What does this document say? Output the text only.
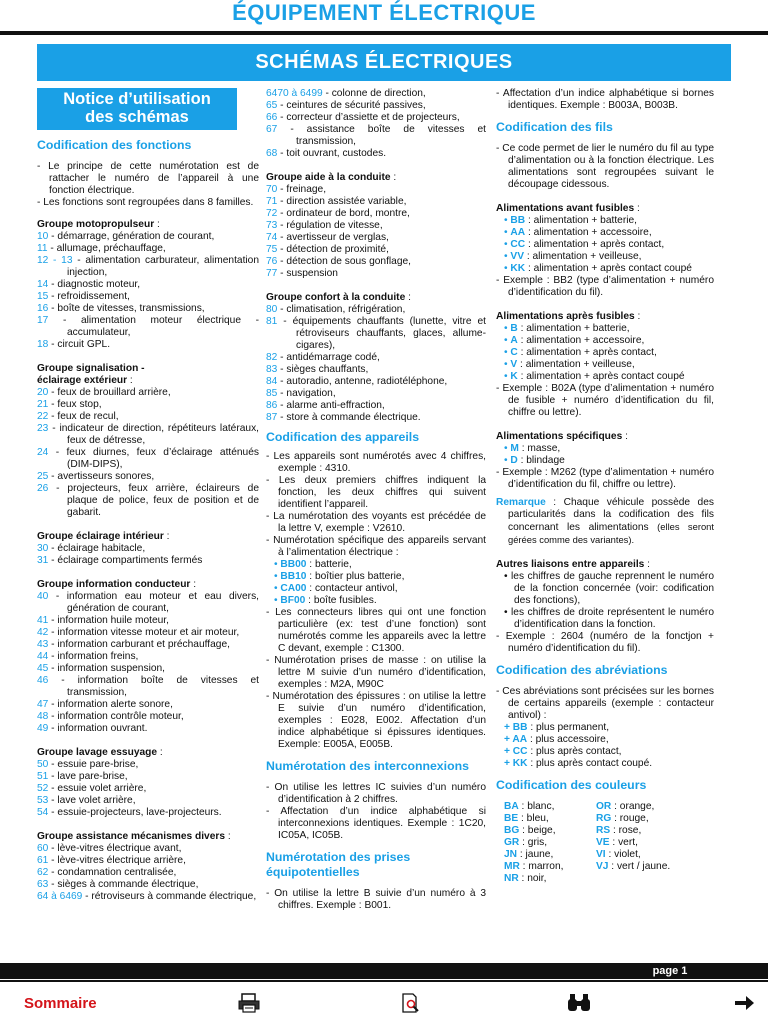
ÉQUIPEMENT ÉLECTRIQUE
SCHÉMAS ÉLECTRIQUES
Notice d’utilisation
des schémas
Codification des fonctions
- Le principe de cette numérotation est de rattacher le numéro de l’appareil à une fonction électrique.
- Les fonctions sont regroupées dans 8 familles.
Groupe motopropulseur :
10 - démarrage, génération de courant,
11 - allumage, préchauffage,
12 - 13 - alimentation carburateur, alimentation injection,
14 - diagnostic moteur,
15 - refroidissement,
16 - boîte de vitesses, transmissions,
17 - alimentation moteur électrique - accumulateur,
18 - circuit GPL.
Groupe signalisation -
éclairage extérieur :
20 - feux de brouillard arrière,
21 - feux stop,
22 - feux de recul,
23 - indicateur de direction, répétiteurs latéraux, feux de détresse,
24 - feux diurnes, feux d’éclairage atténués (DIM-DIPS),
25 - avertisseurs sonores,
26 - projecteurs, feux arrière, éclaireurs de plaque de police, feux de position et de gabarit.
Groupe éclairage intérieur :
30 - éclairage habitacle,
31 - éclairage compartiments fermés
Groupe information conducteur :
40 - information eau moteur et eau divers, génération de courant,
41 - information huile moteur,
42 - information vitesse moteur et air moteur,
43 - information carburant et préchauffage,
44 - information freins,
45 - information suspension,
46 - information boîte de vitesses et transmission,
47 - information alerte sonore,
48 - information contrôle moteur,
49 - information ouvrant.
Groupe lavage essuyage :
50 - essuie pare-brise,
51 - lave pare-brise,
52 - essuie volet arrière,
53 - lave volet arrière,
54 - essuie-projecteurs, lave-projecteurs.
Groupe assistance mécanismes divers :
60 - lève-vitres électrique avant,
61 - lève-vitres électrique arrière,
62 - condamnation centralisée,
63 - sièges à commande électrique,
64 à 6469 - rétroviseurs à commande électrique,
6470 à 6499 - colonne de direction,
65 - ceintures de sécurité passives,
66 - correcteur d’assiette et de projecteurs,
67 - assistance boîte de vitesses et transmission,
68 - toit ouvrant, custodes.
Groupe aide à la conduite :
70 - freinage,
71 - direction assistée variable,
72 - ordinateur de bord, montre,
73 - régulation de vitesse,
74 - avertisseur de verglas,
75 - détection de proximité,
76 - détection de sous gonflage,
77 - suspension
Groupe confort à la conduite :
80 - climatisation, réfrigération,
81 - équipements chauffants (lunette, vitre et rétroviseurs chauffants, glaces, allume-cigares),
82 - antidémarrage codé,
83 - sièges chauffants,
84 - autoradio, antenne, radiotéléphone,
85 - navigation,
86 - alarme anti-effraction,
87 - store à commande électrique.
Codification des appareils
- Les appareils sont numérotés avec 4 chiffres, exemple : 4310.
- Les deux premiers chiffres indiquent la fonction, les deux chiffres qui suivent identifient l’appareil.
- La numérotation des voyants est précédée de la lettre V, exemple : V2610.
- Numérotation spécifique des appareils servant à l’alimentation électrique :
• BB00 : batterie,
• BB10 : boîtier plus batterie,
• CA00 : contacteur antivol,
• BF00 : boîte fusibles.
- Les connecteurs libres qui ont une fonction particulière (ex: test d’une fonction) sont numérotés comme les appareils avec la lettre C devant, exemple : C1300.
- Numérotation prises de masse : on utilise la lettre M suivie d’un numéro d’identification, exemples : M2A, M90C
- Numérotation des épissures : on utilise la lettre E suivie d’un numéro d’identification, exemples : E028, E002. Affectation d’un indice alphabétique si épissures identiques. Exemple: E005A, E005B.
Numérotation des interconnexions
- On utilise les lettres IC suivies d’un numéro d’identification à 2 chiffres.
- Affectation d’un indice alphabétique si interconnexions identiques. Exemple : 1C20, IC05A, IC05B.
Numérotation des prises
équipotentielles
- On utilise la lettre B suivie d’un numéro à 3 chiffres. Exemple : B001.
- Affectation d’un indice alphabétique si bornes identiques. Exemple : B003A, B003B.
Codification des fils
- Ce code permet de lier le numéro du fil au type d’alimentation ou à la fonction électrique. Les alimentations sont regroupées suivant le découpage cidessous.
Alimentations avant fusibles :
• BB : alimentation + batterie,
• AA : alimentation + accessoire,
• CC : alimentation + après contact,
• VV : alimentation + veilleuse,
• KK : alimentation + après contact coupé
- Exemple : BB2 (type d’alimentation + numéro d’identification du fil).
Alimentations après fusibles :
• B : alimentation + batterie,
• A : alimentation + accessoire,
• C : alimentation + après contact,
• V : alimentation + veilleuse,
• K : alimentation + après contact coupé
- Exemple : B02A (type d’alimentation + numéro de fusible + numéro d’identification du fil, chiffre ou lettre).
Alimentations spécifiques :
• M : masse,
• D : blindage
- Exemple : M262 (type d’alimentation + numéro d’identification du fil, chiffre ou lettre).
Remarque : Chaque véhicule possède des particularités dans la codification des fils concernant les alimentations (elles seront gérées comme des variantes).
Autres liaisons entre appareils :
• les chiffres de gauche reprennent le numéro de la fonction concernée (voir: codification des fonctions),
• les chiffres de droite représentent le numéro d’identification dans la fonction.
- Exemple : 2604 (numéro de la fonctjon + numéro d’identification du fil).
Codification des abréviations
- Ces abréviations sont précisées sur les bornes de certains appareils (exemple : contacteur antivol) :
+ BB : plus permanent,
+ AA : plus accessoire,
+ CC : plus après contact,
+ KK : plus après contact coupé.
Codification des couleurs
BA : blanc,
BE : bleu,
BG : beige,
GR : gris,
JN : jaune,
MR : marron,
NR : noir,
OR : orange,
RG : rouge,
RS : rose,
VE : vert,
VI : violet,
VJ : vert / jaune.
page 1
Sommaire
